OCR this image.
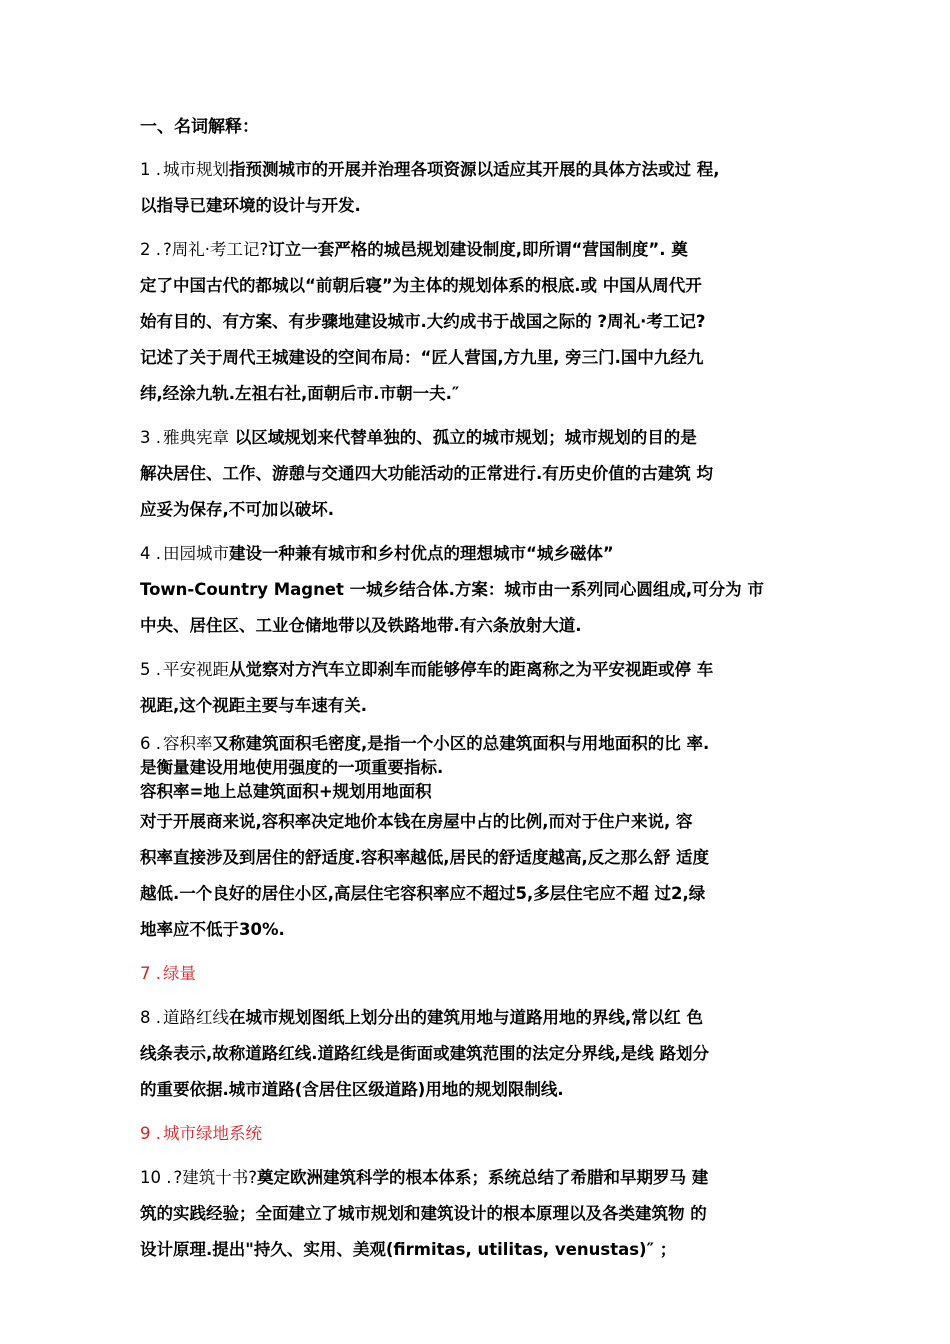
一、名词解释：
1 . 城市规划指预测城市的开展并治理各项资源以适应其开展的具体方法或过 程,
以指导已建环境的设计与开发.
2 . ?周礼·考工记?订立一套严格的城邑规划建设制度,即所谓“营国制度”. 奠
定了中国古代的都城以“前朝后寝”为主体的规划体系的根底.或 中国从周代开
始有目的、有方案、有步骤地建设城市.大约成书于战国之际的 ?周礼·考工记?
记述了关于周代王城建设的空间布局：“匠人营国,方九里, 旁三门.国中九经九
纬,经涂九轨.左祖右社,面朝后市.市朝一夫.″
3 . 雅典宪章 以区域规划来代替单独的、孤立的城市规划；城市规划的目的是
解决居住、工作、游憩与交通四大功能活动的正常进行.有历史价值的古建筑 均
应妥为保存,不可加以破坏.
4 . 田园城市建设一种兼有城市和乡村优点的理想城市“城乡磁体”
Town-Country Magnet 一城乡结合体.方案：城市由一系列同心圆组成,可分为 市
中央、居住区、工业仓储地带以及铁路地带.有六条放射大道.
5 . 平安视距从觉察对方汽车立即刹车而能够停车的距离称之为平安视距或停 车
视距,这个视距主要与车速有关.
6 . 容积率又称建筑面积毛密度,是指一个小区的总建筑面积与用地面积的比 率.
是衡量建设用地使用强度的一项重要指标.
容积率=地上总建筑面积+规划用地面积
对于开展商来说,容积率决定地价本钱在房屋中占的比例,而对于住户来说, 容
积率直接涉及到居住的舒适度.容积率越低,居民的舒适度越高,反之那么舒 适度
越低.一个良好的居住小区,高层住宅容积率应不超过5,多层住宅应不超 过2,绿
地率应不低于30%.
7 . 绿量
8 . 道路红线在城市规划图纸上划分出的建筑用地与道路用地的界线,常以红 色
线条表示,故称道路红线.道路红线是街面或建筑范围的法定分界线,是线 路划分
的重要依据.城市道路(含居住区级道路)用地的规划限制线.
9 . 城市绿地系统
10 . ?建筑十书?奠定欧洲建筑科学的根本体系；系统总结了希腊和早期罗马 建
筑的实践经验；全面建立了城市规划和建筑设计的根本原理以及各类建筑物 的
设计原理.提出"持久、实用、美观(firmitas, utilitas, venustas)″ ；
